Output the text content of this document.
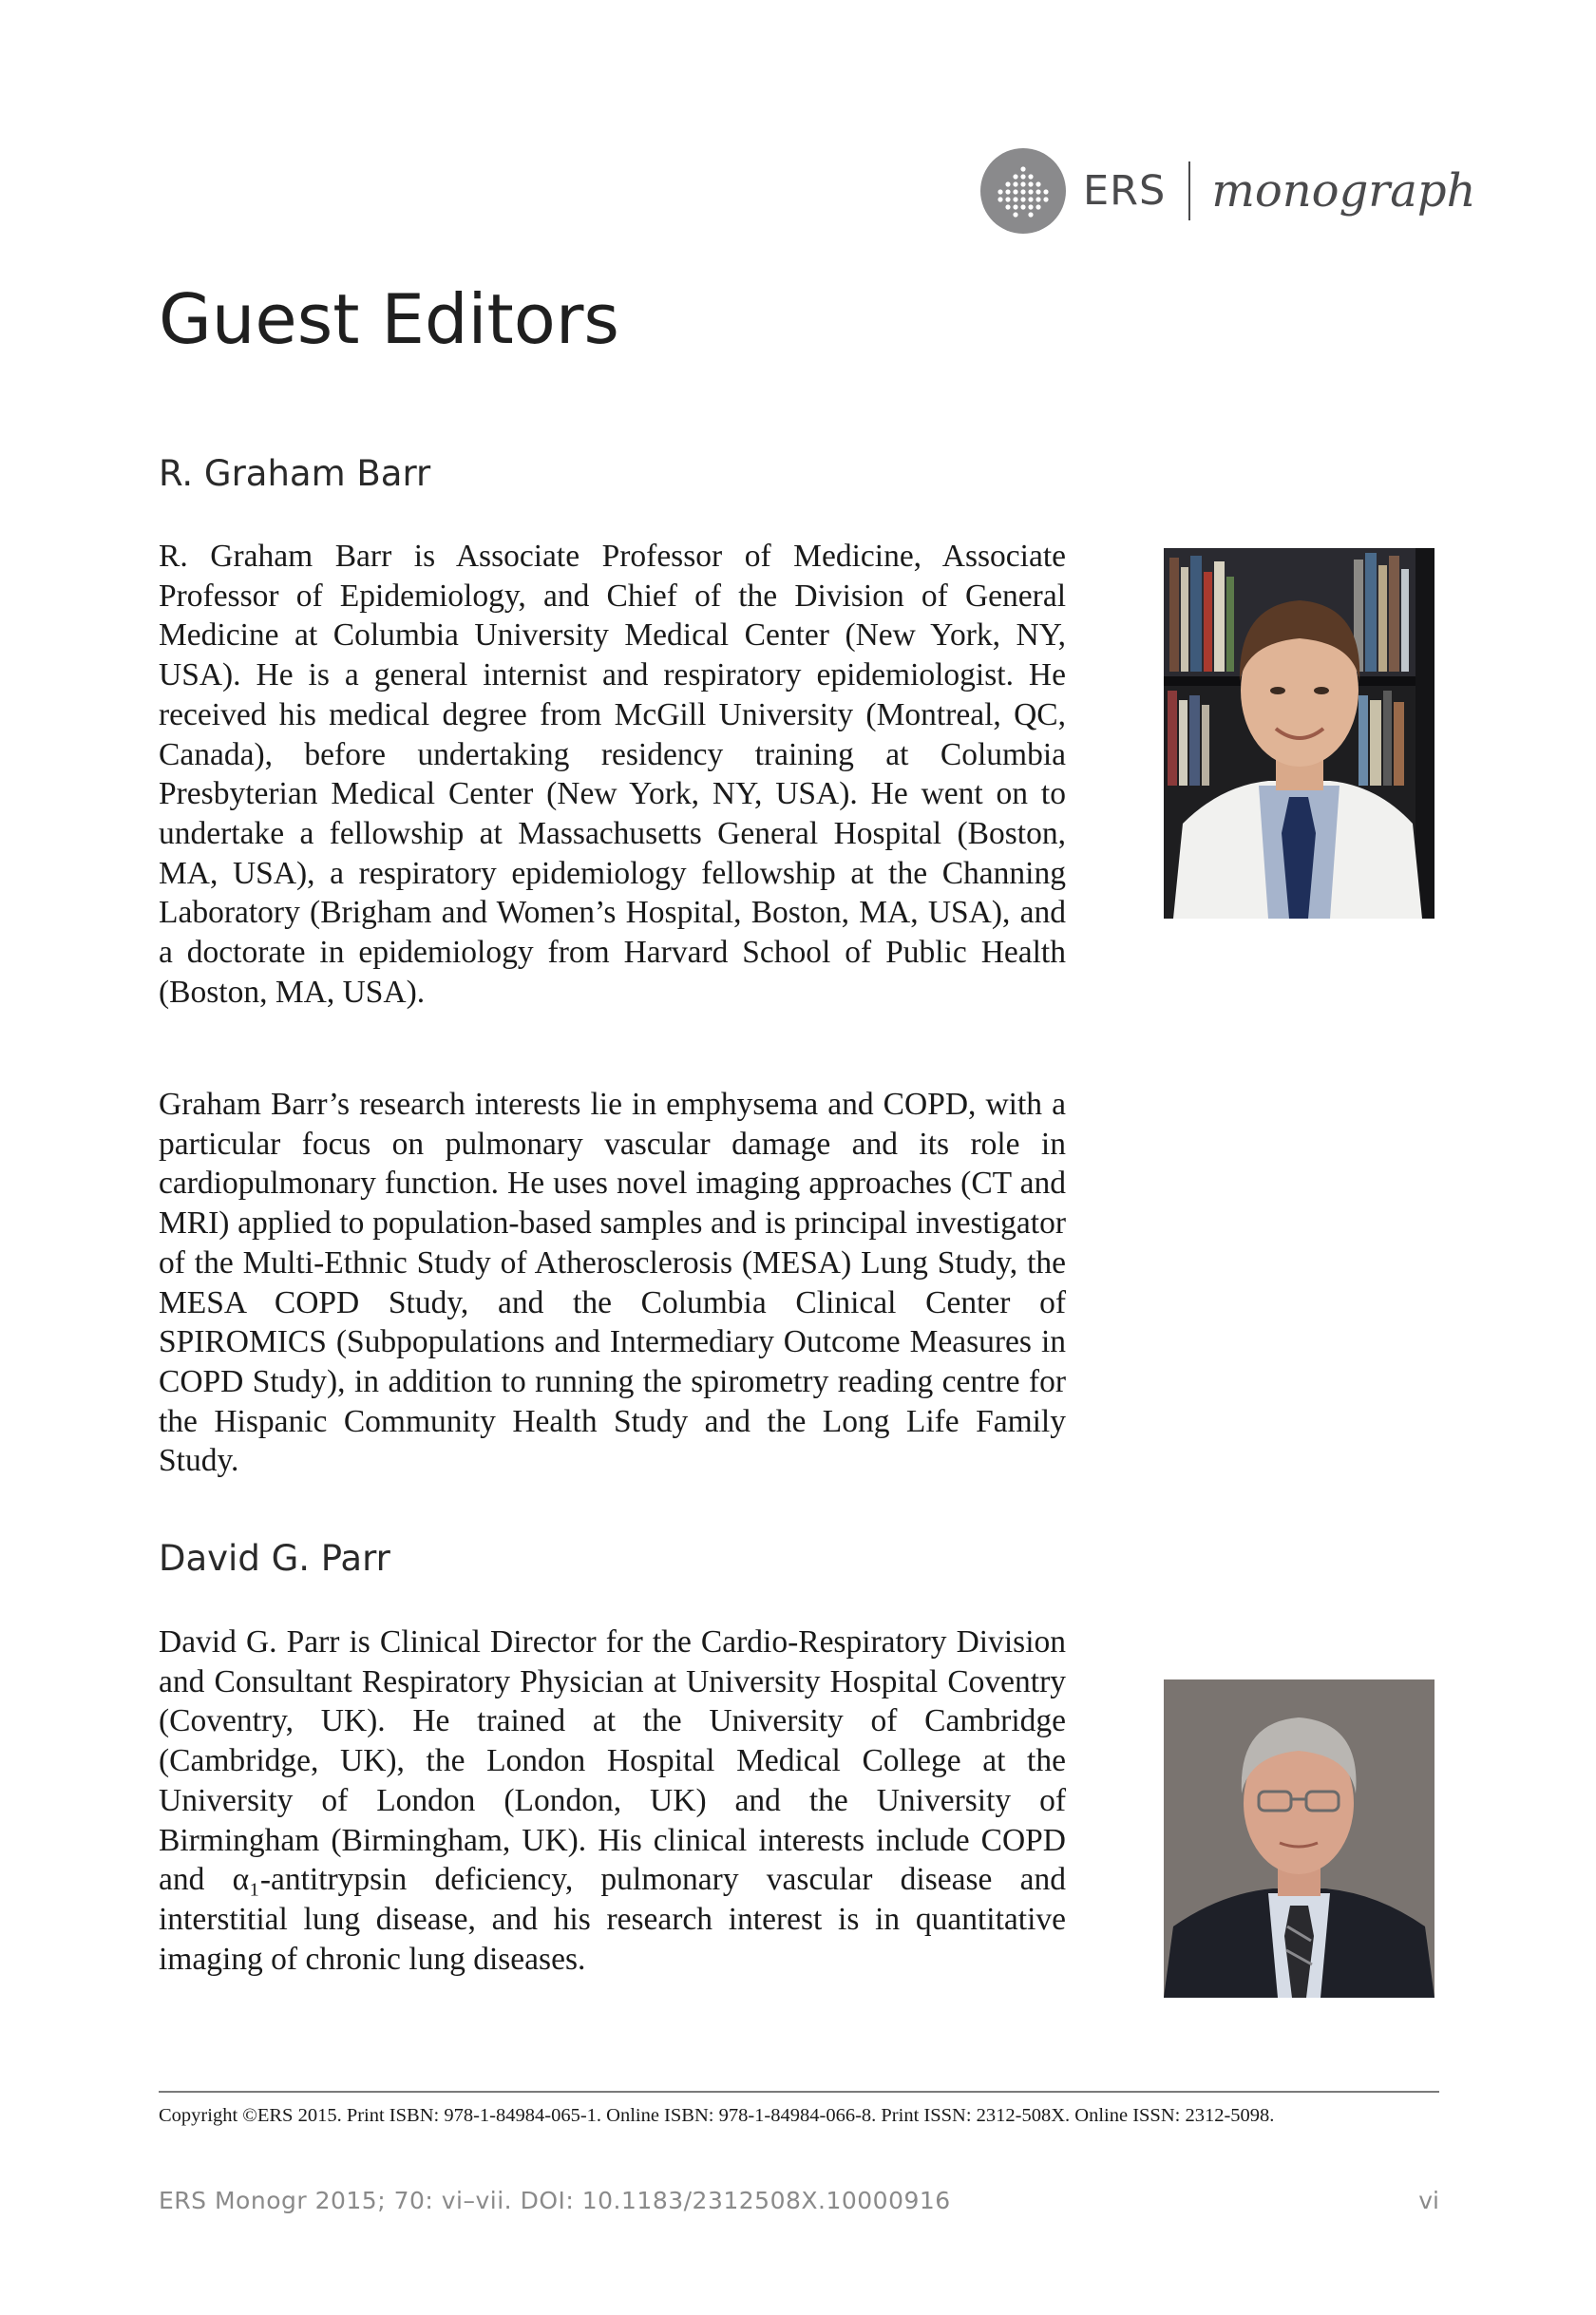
ERS monograph
Guest Editors
R. Graham Barr

R. Graham Barr is Associate Professor of Medicine, Associate Professor of Epidemiology, and Chief of the Division of General Medicine at Columbia University Medical Center (New York, NY, USA). He is a general internist and respiratory epidemiologist. He received his medical degree from McGill University (Montreal, QC, Canada), before undertaking residency training at Columbia Presbyterian Medical Center (New York, NY, USA). He went on to undertake a fellowship at Massachusetts General Hospital (Boston, MA, USA), a respiratory epidemiology fellowship at the Channing Laboratory (Brigham and Women’s Hospital, Boston, MA, USA), and a doctorate in epidemiology from Harvard School of Public Health (Boston, MA, USA).

Graham Barr’s research interests lie in emphysema and COPD, with a particular focus on pulmonary vascular damage and its role in cardiopulmonary function. He uses novel imaging approaches (CT and MRI) applied to population-based samples and is principal investigator of the Multi-Ethnic Study of Atherosclerosis (MESA) Lung Study, the MESA COPD Study, and the Columbia Clinical Center of SPIROMICS (Subpopulations and Intermediary Outcome Measures in COPD Study), in addition to running the spirometry reading centre for the Hispanic Community Health Study and the Long Life Family Study.

David G. Parr

David G. Parr is Clinical Director for the Cardio-Respiratory Division and Consultant Respiratory Physician at University Hospital Coventry (Coventry, UK). He trained at the University of Cambridge (Cambridge, UK), the London Hospital Medical College at the University of London (London, UK) and the University of Birmingham (Birmingham, UK). His clinical interests include COPD and α₁-antitrypsin deficiency, pulmonary vascular disease and interstitial lung disease, and his research interest is in quantitative imaging of chronic lung diseases.

Copyright ©ERS 2015. Print ISBN: 978-1-84984-065-1. Online ISBN: 978-1-84984-066-8. Print ISSN: 2312-508X. Online ISSN: 2312-5098.
ERS Monogr 2015; 70: vi–vii. DOI: 10.1183/2312508X.10000916	vi
